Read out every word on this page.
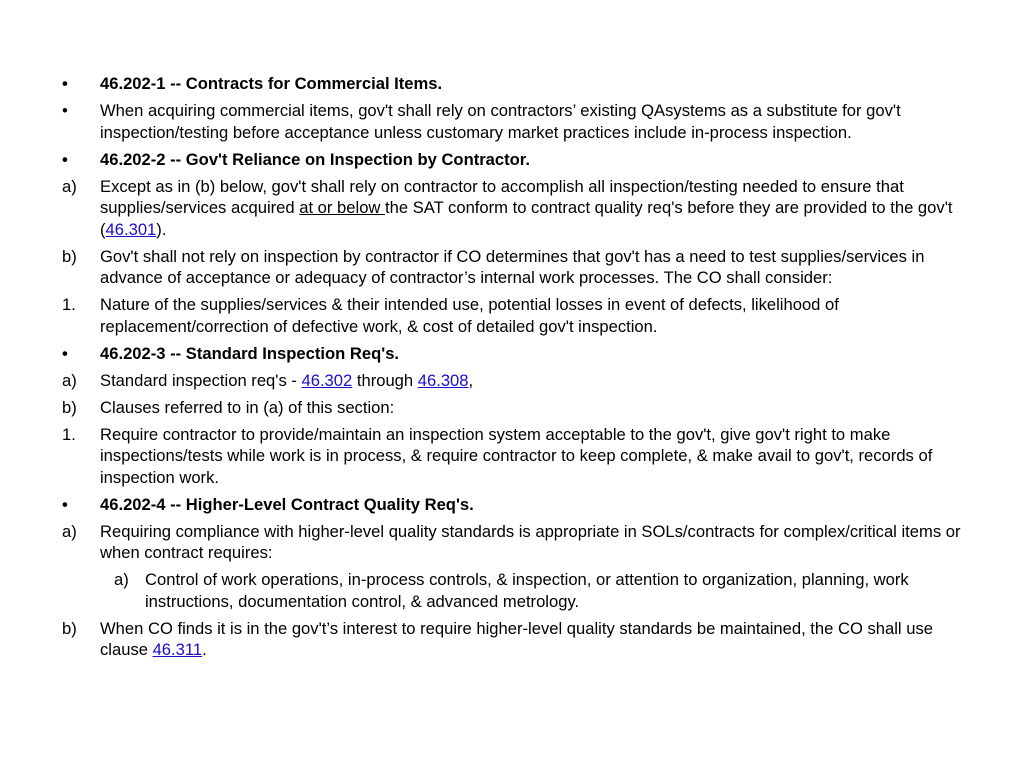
• 46.202-1 -- Contracts for Commercial Items.
• When acquiring commercial items, gov't shall rely on contractors’ existing QAsystems as a substitute for gov't inspection/testing before acceptance unless customary market practices include in-process inspection.
• 46.202-2 -- Gov't Reliance on Inspection by Contractor.
a) Except as in (b) below, gov't shall rely on contractor to accomplish all inspection/testing needed to ensure that supplies/services acquired at or below the SAT conform to contract quality req's before they are provided to the gov't (46.301).
b) Gov't shall not rely on inspection by contractor if CO determines that gov't has a need to test supplies/services in advance of acceptance or adequacy of contractor’s internal work processes. The CO shall consider:
1. Nature of the supplies/services & their intended use, potential losses in event of defects, likelihood of replacement/correction of defective work, & cost of detailed gov't inspection.
• 46.202-3 -- Standard Inspection Req's.
a) Standard inspection req's - 46.302 through 46.308,
b) Clauses referred to in (a) of this section:
1. Require contractor to provide/maintain an inspection system acceptable to the gov't, give gov't right to make inspections/tests while work is in process, & require contractor to keep complete, & make avail to gov't, records of inspection work.
• 46.202-4 -- Higher-Level Contract Quality Req's.
a) Requiring compliance with higher-level quality standards is appropriate in SOLs/contracts for complex/critical items or when contract requires:
a) Control of work operations, in-process controls, & inspection, or attention to organization, planning, work instructions, documentation control, & advanced metrology.
b) When CO finds it is in the gov't’s interest to require higher-level quality standards be maintained, the CO shall use clause 46.311.
